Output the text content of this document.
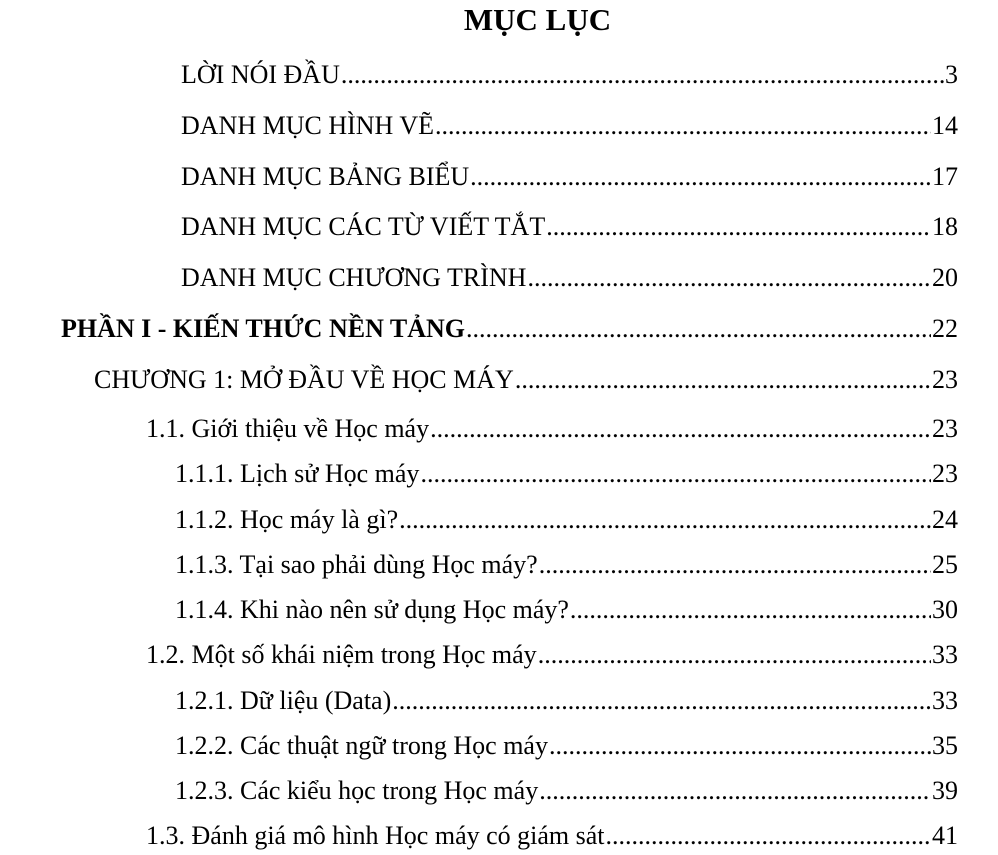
MỤC LỤC
LỜI NÓI ĐẦU .....	3
DANH MỤC HÌNH VẼ .....	14
DANH MỤC BẢNG BIỂU .....	17
DANH MỤC CÁC TỪ VIẾT TẮT .....	18
DANH MỤC CHƯƠNG TRÌNH .....	20
PHẦN I - KIẾN THỨC NỀN TẢNG .....	22
CHƯƠNG 1: MỞ ĐẦU VỀ HỌC MÁY .....	23
1.1. Giới thiệu về Học máy .....	23
1.1.1. Lịch sử Học máy .....	23
1.1.2. Học máy là gì? .....	24
1.1.3. Tại sao phải dùng Học máy? .....	25
1.1.4. Khi nào nên sử dụng Học máy? .....	30
1.2. Một số khái niệm trong Học máy .....	33
1.2.1. Dữ liệu (Data) .....	33
1.2.2. Các thuật ngữ trong Học máy .....	35
1.2.3. Các kiểu học trong Học máy .....	39
1.3. Đánh giá mô hình Học máy có giám sát .....	41
